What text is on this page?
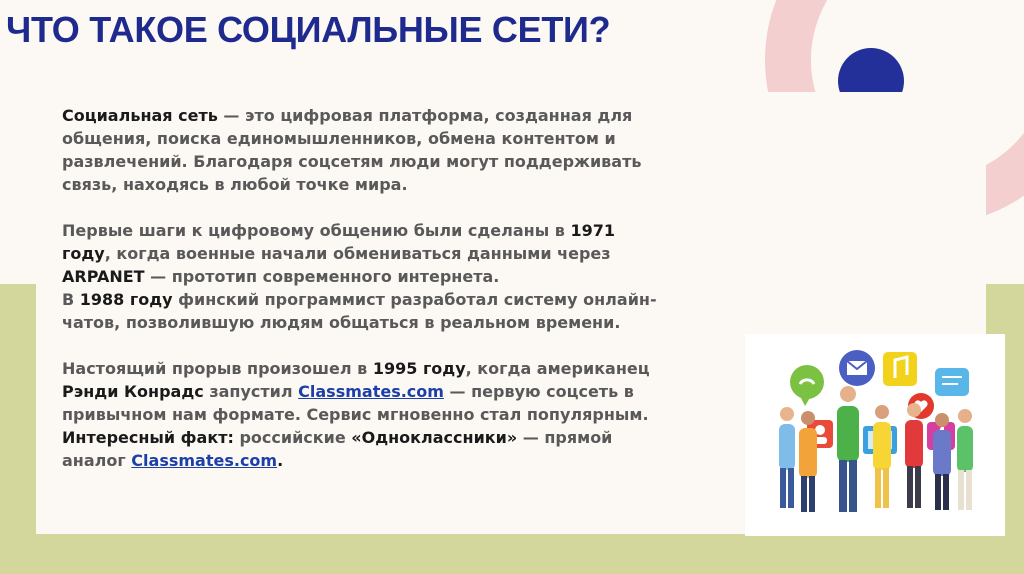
ЧТО ТАКОЕ СОЦИАЛЬНЫЕ СЕТИ?

Социальная сеть — это цифровая платформа, созданная для

общения, поиска единомышленников, обмена контентом и

развлечений. Благодаря соцсетям люди могут поддерживать

связь, находясь в любой точке мира.

Первые шаги к цифровому общению были сделаны в 1971

году, когда военные начали обмениваться данными через

ARPANET — прототип современного интернета.

В 1988 году финский программист разработал систему онлайн-

чатов, позволившую людям общаться в реальном времени.

Настоящий прорыв произошел в 1995 году, когда американец

Рэнди Конрадс запустил Classmates.com — первую соцсеть в

привычном нам формате. Сервис мгновенно стал популярным.

Интересный факт: российские «Одноклассники» — прямой

аналог Classmates.com.
